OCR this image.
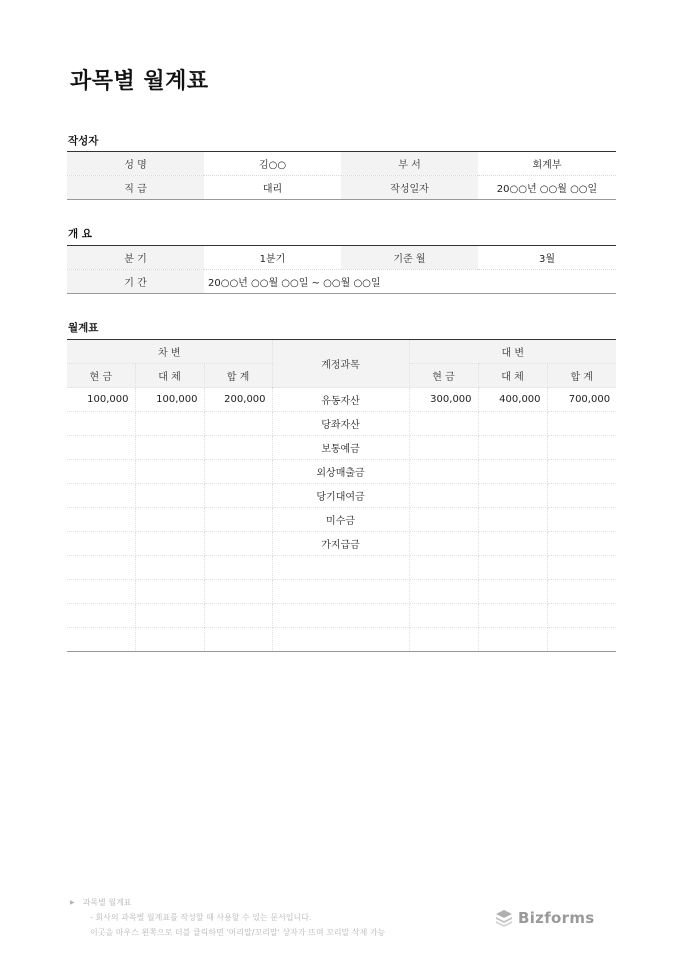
과목별 월계표
작성자
성 명	김○○	부 서	회계부
직 급	대리	작성일자	20○○년 ○○월 ○○일
개 요
분 기	1분기	기준 월	3월
기 간	20○○년 ○○월 ○○일 ~ ○○월 ○○일		
월계표
차 변			계정과목	대 변		
현 금	대 체	합 계		현 금	대 체	합 계
100,000	100,000	200,000	유동자산	300,000	400,000	700,000
			당좌자산			
			보통예금			
			외상매출금			
			당기대여금			
			미수금			
			가지급금			

▶ 과목별 월계표
- 회사의 과목별 월계표를 작성할 때 사용할 수 있는 문서입니다.
이곳을 마우스 왼쪽으로 더블 클릭하면 '머리말/꼬리말' 상자가 뜨며 꼬리말 삭제 가능
Bizforms
